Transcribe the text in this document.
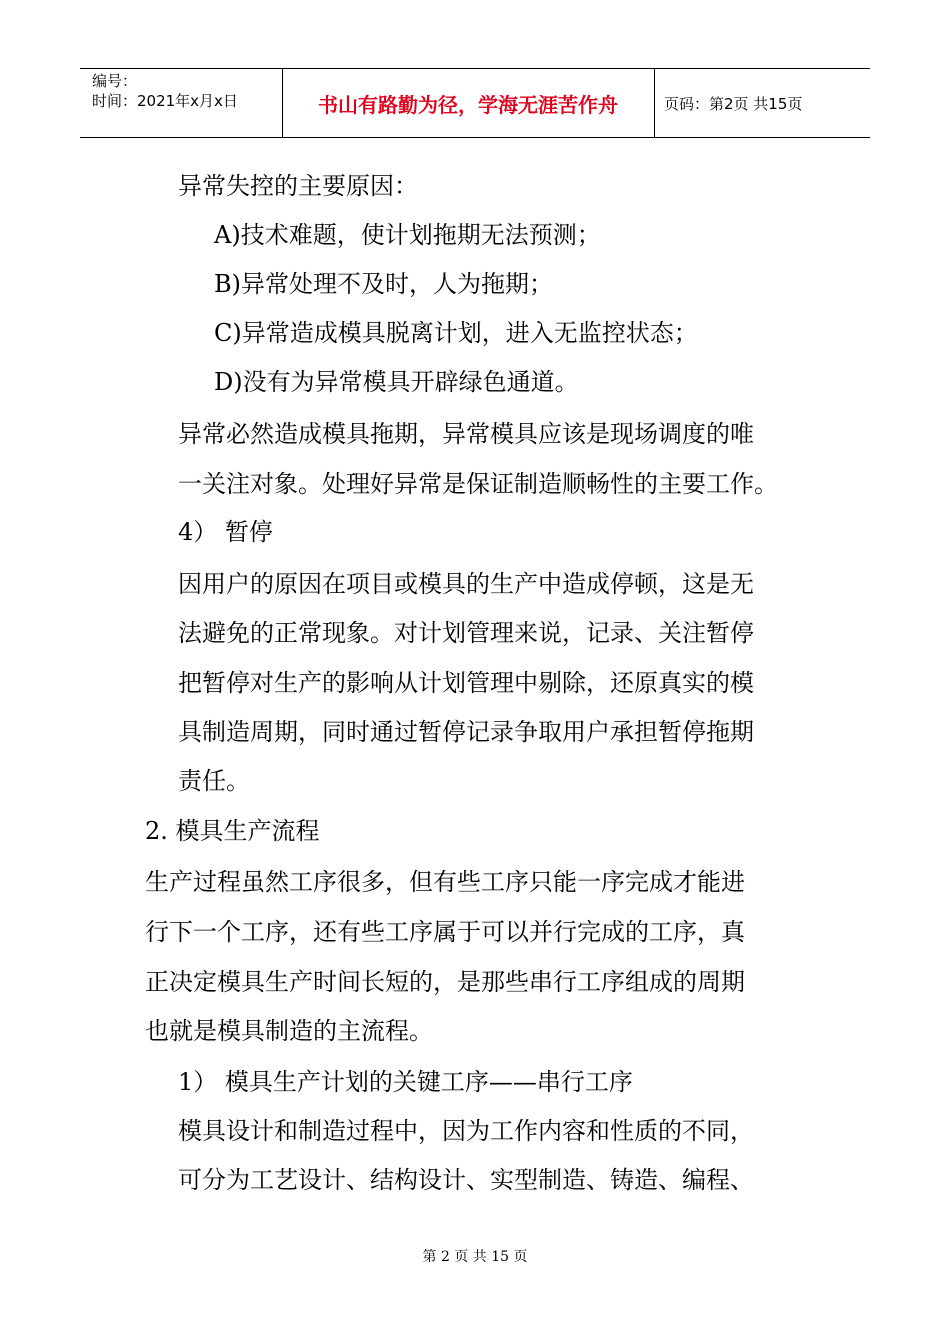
编号：
时间：2021年x月x日	书山有路勤为径，学海无涯苦作舟	页码：第2页 共15页
异常失控的主要原因：
A)技术难题，使计划拖期无法预测；
B)异常处理不及时，人为拖期；
C)异常造成模具脱离计划，进入无监控状态；
D)没有为异常模具开辟绿色通道。
异常必然造成模具拖期，异常模具应该是现场调度的唯
一关注对象。处理好异常是保证制造顺畅性的主要工作。
4） 暂停
因用户的原因在项目或模具的生产中造成停顿，这是无
法避免的正常现象。对计划管理来说，记录、关注暂停
把暂停对生产的影响从计划管理中剔除，还原真实的模
具制造周期，同时通过暂停记录争取用户承担暂停拖期
责任。
2. 模具生产流程
生产过程虽然工序很多，但有些工序只能一序完成才能进
行下一个工序，还有些工序属于可以并行完成的工序，真
正决定模具生产时间长短的，是那些串行工序组成的周期
也就是模具制造的主流程。
1） 模具生产计划的关键工序——串行工序
模具设计和制造过程中，因为工作内容和性质的不同，
可分为工艺设计、结构设计、实型制造、铸造、编程、
第 2 页 共 15 页
